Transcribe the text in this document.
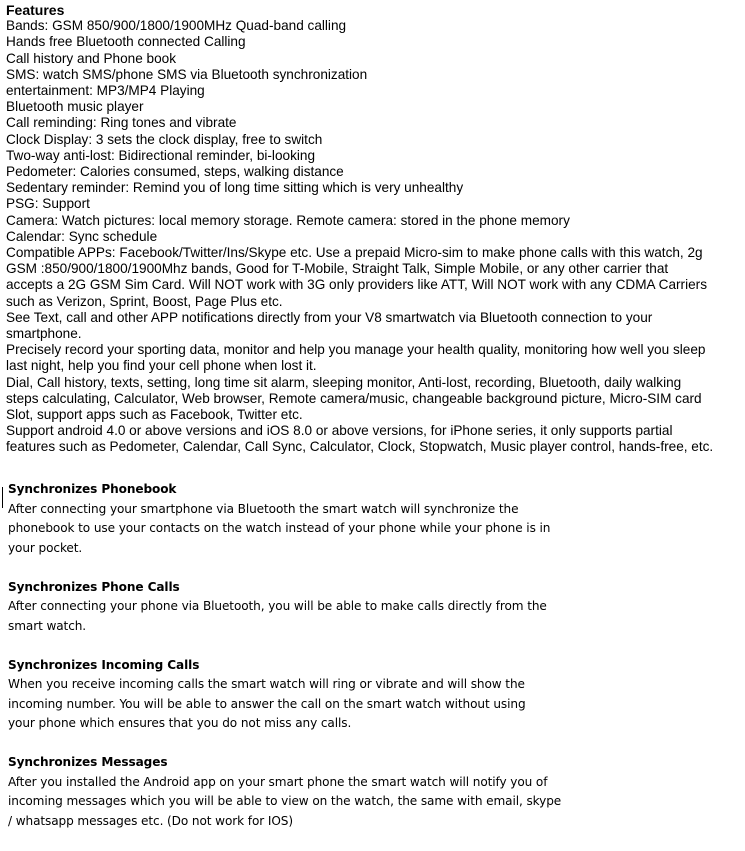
Features
Bands: GSM 850/900/1800/1900MHz Quad-band calling
Hands free Bluetooth connected Calling
Call history and Phone book
SMS: watch SMS/phone SMS via Bluetooth synchronization
entertainment: MP3/MP4 Playing
Bluetooth music player
Call reminding: Ring tones and vibrate
Clock Display: 3 sets the clock display, free to switch
Two-way anti-lost: Bidirectional reminder, bi-looking
Pedometer: Calories consumed, steps, walking distance
Sedentary reminder: Remind you of long time sitting which is very unhealthy
PSG: Support
Camera: Watch pictures: local memory storage. Remote camera: stored in the phone memory
Calendar: Sync schedule
Compatible APPs: Facebook/Twitter/Ins/Skype etc. Use a prepaid Micro-sim to make phone calls with this watch, 2g
GSM :850/900/1800/1900Mhz bands, Good for T-Mobile, Straight Talk, Simple Mobile, or any other carrier that
accepts a 2G GSM Sim Card. Will NOT work with 3G only providers like ATT, Will NOT work with any CDMA Carriers
such as Verizon, Sprint, Boost, Page Plus etc.
See Text, call and other APP notifications directly from your V8 smartwatch via Bluetooth connection to your
smartphone.
Precisely record your sporting data, monitor and help you manage your health quality, monitoring how well you sleep
last night, help you find your cell phone when lost it.
Dial, Call history, texts, setting, long time sit alarm, sleeping monitor, Anti-lost, recording, Bluetooth, daily walking
steps calculating, Calculator, Web browser, Remote camera/music, changeable background picture, Micro-SIM card
Slot, support apps such as Facebook, Twitter etc.
Support android 4.0 or above versions and iOS 8.0 or above versions, for iPhone series, it only supports partial
features such as Pedometer, Calendar, Call Sync, Calculator, Clock, Stopwatch, Music player control, hands-free, etc.
Synchronizes Phonebook
After connecting your smartphone via Bluetooth the smart watch will synchronize the
phonebook to use your contacts on the watch instead of your phone while your phone is in
your pocket.
Synchronizes Phone Calls
After connecting your phone via Bluetooth, you will be able to make calls directly from the
smart watch.
Synchronizes Incoming Calls
When you receive incoming calls the smart watch will ring or vibrate and will show the
incoming number. You will be able to answer the call on the smart watch without using
your phone which ensures that you do not miss any calls.
Synchronizes Messages
After you installed the Android app on your smart phone the smart watch will notify you of
incoming messages which you will be able to view on the watch, the same with email, skype
/ whatsapp messages etc. (Do not work for IOS)
